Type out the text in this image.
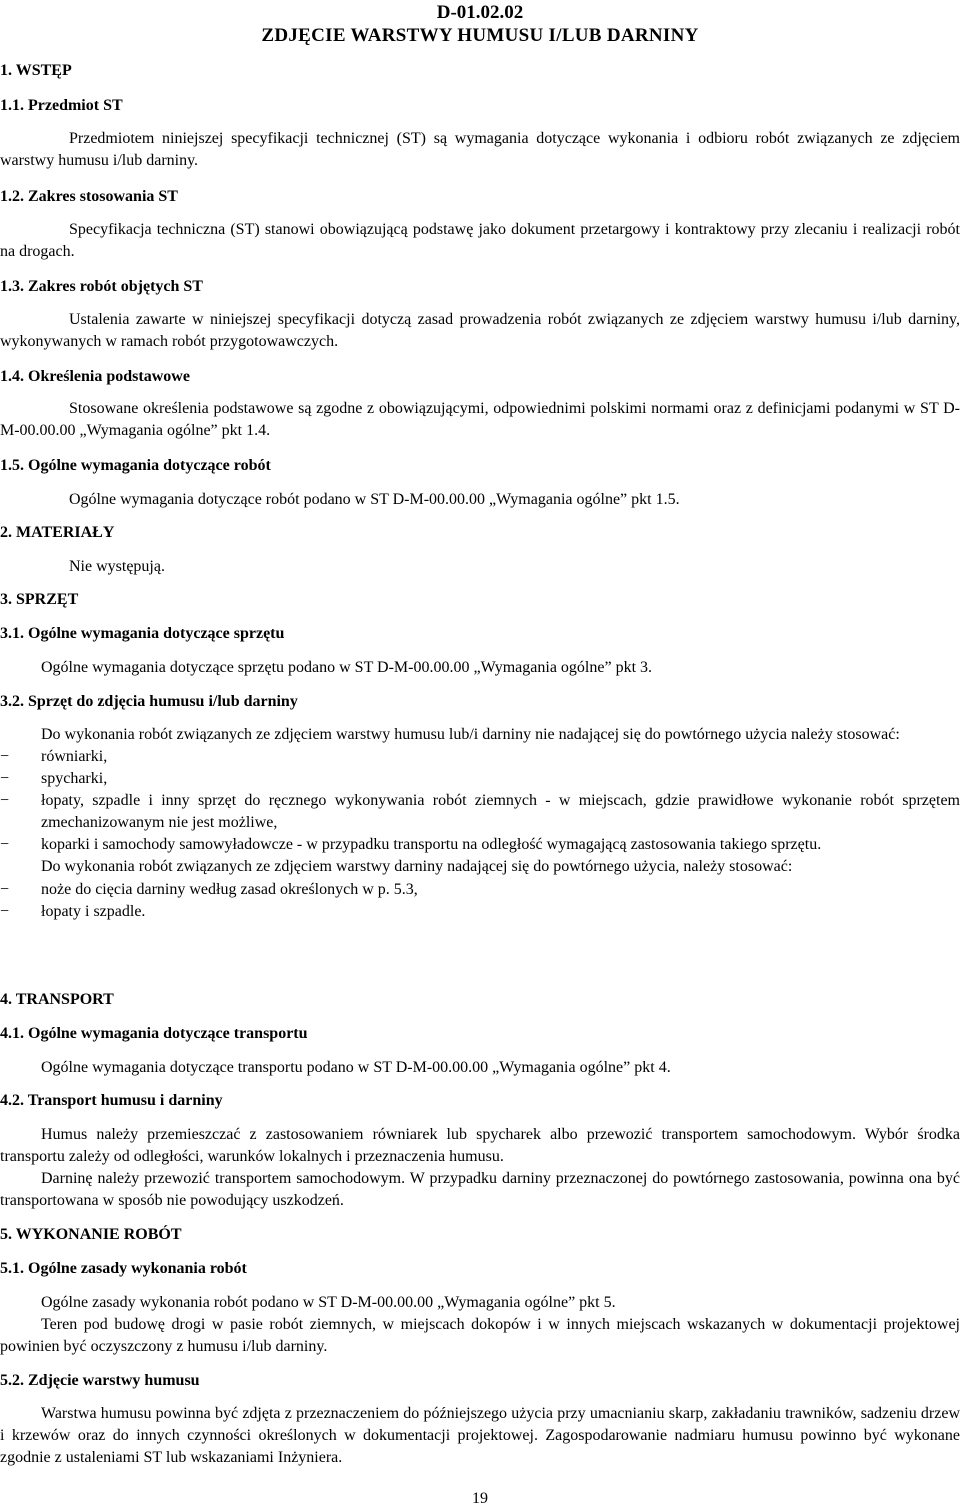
D-01.02.02
ZDJĘCIE WARSTWY HUMUSU I/LUB DARNINY
1. WSTĘP
1.1. Przedmiot ST
Przedmiotem niniejszej specyfikacji technicznej (ST) są wymagania dotyczące wykonania i odbioru robót związanych ze zdjęciem warstwy humusu i/lub darniny.
1.2. Zakres stosowania ST
Specyfikacja techniczna (ST) stanowi obowiązującą podstawę jako dokument przetargowy i kontraktowy przy zlecaniu i realizacji robót na drogach.
1.3. Zakres robót objętych ST
Ustalenia zawarte w niniejszej specyfikacji dotyczą zasad prowadzenia robót związanych ze zdjęciem warstwy humusu i/lub darniny, wykonywanych w ramach robót przygotowawczych.
1.4. Określenia podstawowe
Stosowane określenia podstawowe są zgodne z obowiązującymi, odpowiednimi polskimi normami oraz z definicjami podanymi w ST D-M-00.00.00 „Wymagania ogólne” pkt 1.4.
1.5. Ogólne wymagania dotyczące robót
Ogólne wymagania dotyczące robót podano w ST D-M-00.00.00 „Wymagania ogólne” pkt 1.5.
2. MATERIAŁY
Nie występują.
3. SPRZĘT
3.1. Ogólne wymagania dotyczące sprzętu
Ogólne wymagania dotyczące sprzętu podano w ST D-M-00.00.00 „Wymagania ogólne” pkt 3.
3.2. Sprzęt do zdjęcia humusu i/lub darniny
Do wykonania robót związanych ze zdjęciem warstwy humusu lub/i darniny nie nadającej się do powtórnego użycia należy stosować:
− równiarki,
− spycharki,
− łopaty, szpadle i inny sprzęt do ręcznego wykonywania robót ziemnych - w miejscach, gdzie prawidłowe wykonanie robót sprzętem zmechanizowanym nie jest możliwe,
− koparki i samochody samowyładowcze - w przypadku transportu na odległość wymagającą zastosowania takiego sprzętu.
Do wykonania robót związanych ze zdjęciem warstwy darniny nadającej się do powtórnego użycia, należy stosować:
− noże do cięcia darniny według zasad określonych w p. 5.3,
− łopaty i szpadle.
4. TRANSPORT
4.1. Ogólne wymagania dotyczące transportu
Ogólne wymagania dotyczące transportu podano w ST D-M-00.00.00 „Wymagania ogólne” pkt 4.
4.2. Transport humusu i darniny
Humus należy przemieszczać z zastosowaniem równiarek lub spycharek albo przewozić transportem samochodowym. Wybór środka transportu zależy od odległości, warunków lokalnych i przeznaczenia humusu.
Darninę należy przewozić transportem samochodowym. W przypadku darniny przeznaczonej do powtórnego zastosowania, powinna ona być transportowana w sposób nie powodujący uszkodzeń.
5. WYKONANIE ROBÓT
5.1. Ogólne zasady wykonania robót
Ogólne zasady wykonania robót podano w ST D-M-00.00.00 „Wymagania ogólne” pkt 5.
Teren pod budowę drogi w pasie robót ziemnych, w miejscach dokopów i w innych miejscach wskazanych w dokumentacji projektowej powinien być oczyszczony z humusu i/lub darniny.
5.2. Zdjęcie warstwy humusu
Warstwa humusu powinna być zdjęta z przeznaczeniem do późniejszego użycia przy umacnianiu skarp, zakładaniu trawników, sadzeniu drzew i krzewów oraz do innych czynności określonych w dokumentacji projektowej. Zagospodarowanie nadmiaru humusu powinno być wykonane zgodnie z ustaleniami ST lub wskazaniami Inżyniera.
19
